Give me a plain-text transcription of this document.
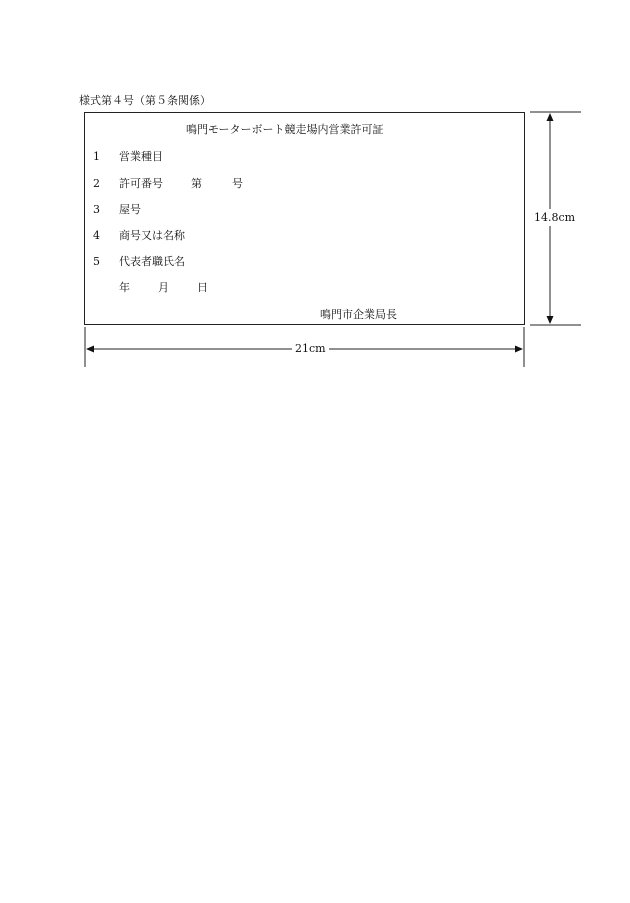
様式第４号（第５条関係）
鳴門モーターボート競走場内営業許可証
1 営業種目
2 許可番号	第	号
3 屋号
4 商号又は名称
5 代表者職氏名
年	月	日
鳴門市企業局長
21cm
14.8cm
